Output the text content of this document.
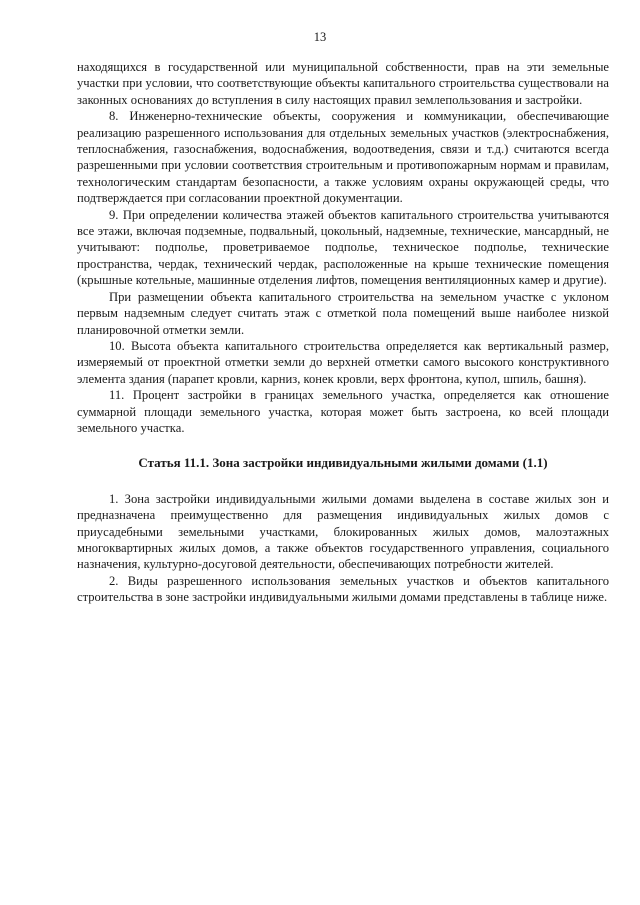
13

находящихся в государственной или муниципальной собственности, прав на эти земельные участки при условии, что соответствующие объекты капитального строительства существовали на законных основаниях до вступления в силу настоящих правил землепользования и застройки.

8. Инженерно-технические объекты, сооружения и коммуникации, обеспечивающие реализацию разрешенного использования для отдельных земельных участков (электроснабжения, теплоснабжения, газоснабжения, водоснабжения, водоотведения, связи и т.д.) считаются всегда разрешенными при условии соответствия строительным и противопожарным нормам и правилам, технологическим стандартам безопасности, а также условиям охраны окружающей среды, что подтверждается при согласовании проектной документации.

9. При определении количества этажей объектов капитального строительства учитываются все этажи, включая подземные, подвальный, цокольный, надземные, технические, мансардный, не учитывают: подполье, проветриваемое подполье, техническое подполье, технические пространства, чердак, технический чердак, расположенные на крыше технические помещения (крышные котельные, машинные отделения лифтов, помещения вентиляционных камер и другие).

При размещении объекта капитального строительства на земельном участке с уклоном первым надземным следует считать этаж с отметкой пола помещений выше наиболее низкой планировочной отметки земли.

10. Высота объекта капитального строительства определяется как вертикальный размер, измеряемый от проектной отметки земли до верхней отметки самого высокого конструктивного элемента здания (парапет кровли, карниз, конек кровли, верх фронтона, купол, шпиль, башня).

11. Процент застройки в границах земельного участка, определяется как отношение суммарной площади земельного участка, которая может быть застроена, ко всей площади земельного участка.

Статья 11.1. Зона застройки индивидуальными жилыми домами (1.1)

1. Зона застройки индивидуальными жилыми домами выделена в составе жилых зон и предназначена преимущественно для размещения индивидуальных жилых домов с приусадебными земельными участками, блокированных жилых домов, малоэтажных многоквартирных жилых домов, а также объектов государственного управления, социального назначения, культурно-досуговой деятельности, обеспечивающих потребности жителей.

2. Виды разрешенного использования земельных участков и объектов капитального строительства в зоне застройки индивидуальными жилыми домами представлены в таблице ниже.
